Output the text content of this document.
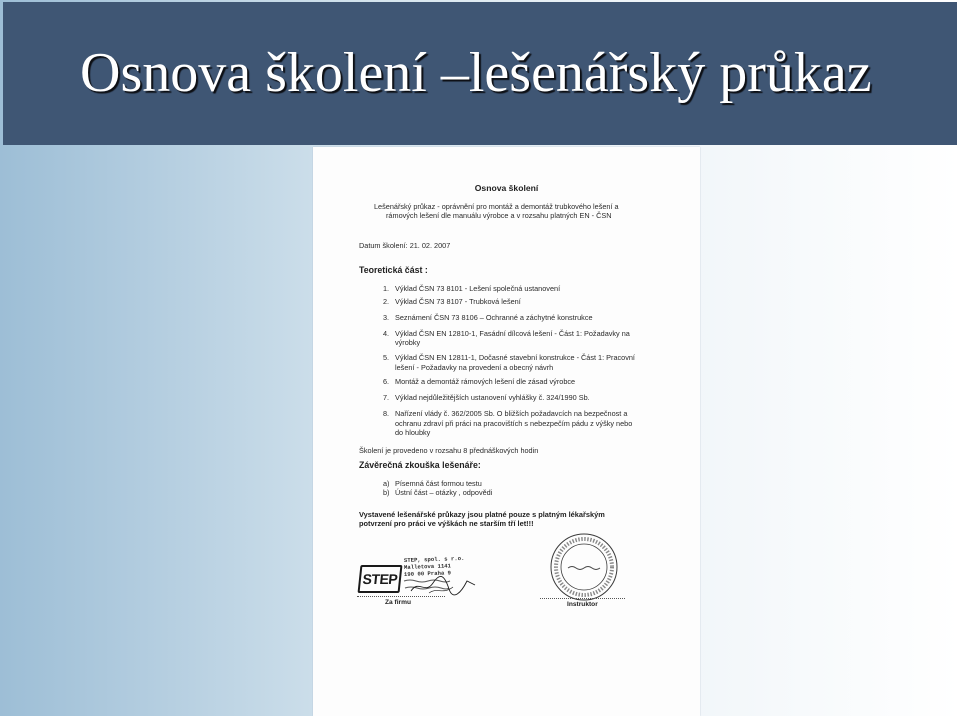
Osnova školení –lešenářský průkaz
Osnova školení
Lešenářský průkaz - oprávnění pro montáž a demontáž trubkového lešení a
rámových lešení dle manuálu výrobce a v rozsahu platných EN - ČSN
Datum školení: 21. 02. 2007
Teoretická část :
1. Výklad ČSN 73 8101 - Lešení společná ustanovení
2. Výklad ČSN 73 8107 - Trubková lešení
3. Seznámení ČSN 73 8106 – Ochranné a záchytné konstrukce
4. Výklad ČSN EN 12810-1, Fasádní dílcová lešení - Část 1: Požadavky na
výrobky
5. Výklad ČSN EN 12811-1, Dočasné stavební konstrukce - Část 1: Pracovní
lešení - Požadavky na provedení a obecný návrh
6. Montáž a demontáž rámových lešení dle zásad výrobce
7. Výklad nejdůležitějších ustanovení vyhlášky č. 324/1990 Sb.
8. Nařízení vlády č. 362/2005 Sb. O bližších požadavcích na bezpečnost a
ochranu zdraví při práci na pracovištích s nebezpečím pádu z výšky nebo
do hloubky
Školení je provedeno v rozsahu 8 přednáškových hodin
Závěrečná zkouška lešenáře:
a) Písemná část formou testu
b) Ústní část – otázky , odpovědi
Vystavené lešenářské průkazy jsou platné pouze s platným lékařským
potvrzení pro práci ve výškách ne starším tří let!!!
STEP
STEP, spol. s r.o.
Malletova 1141
190 00 Praha 9
Za firmu	Instruktor
